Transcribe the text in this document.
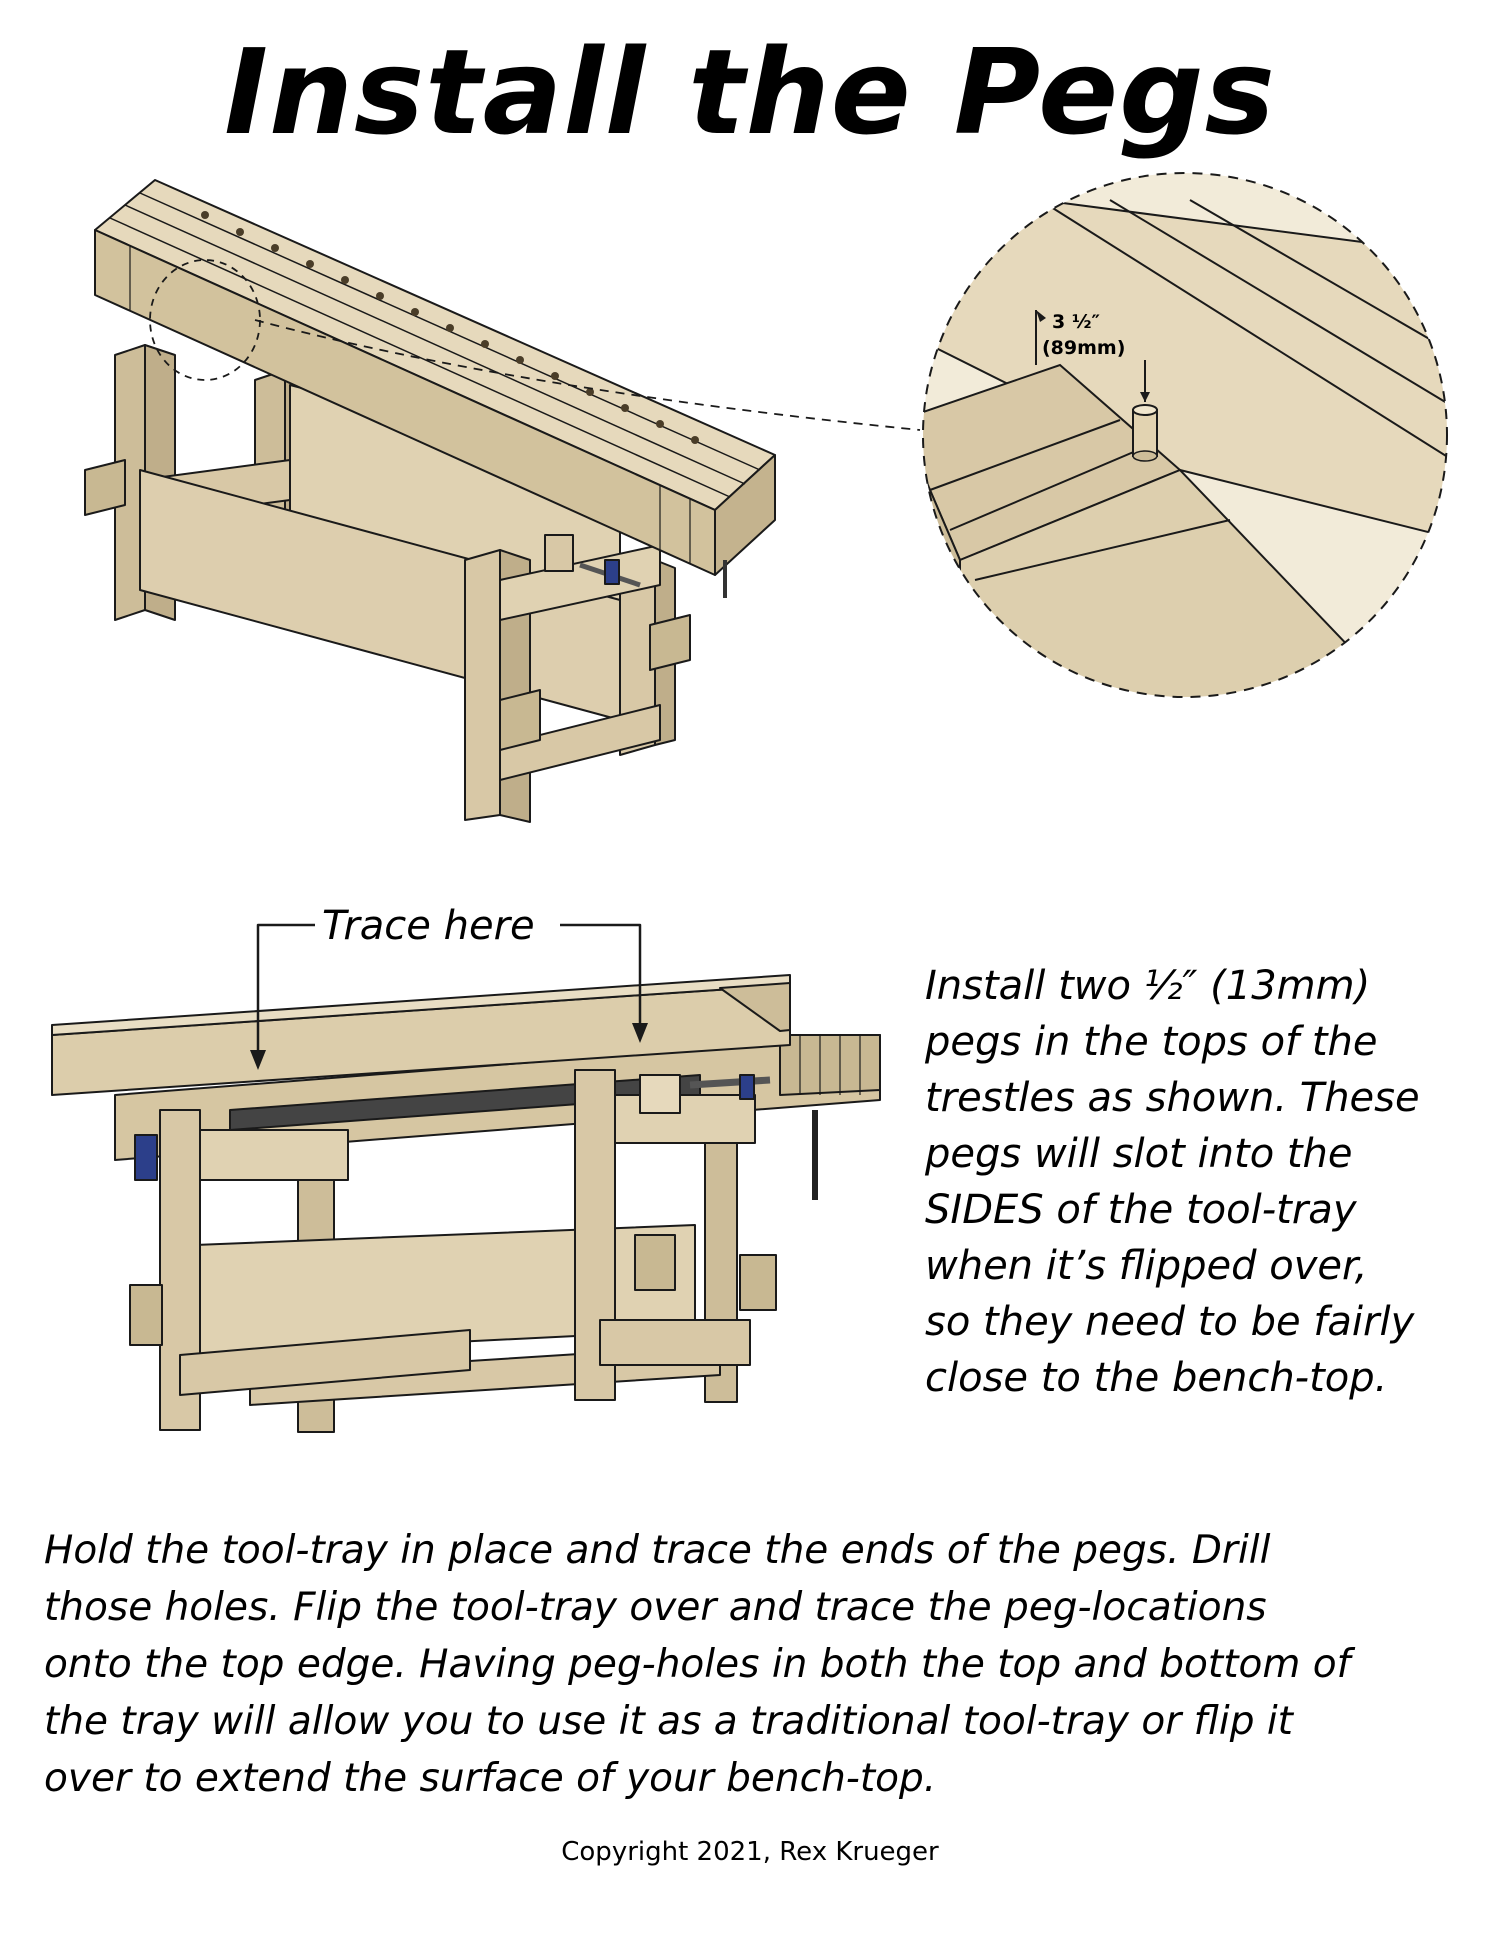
Install the Pegs
3 ½″
(89mm)
Trace here
Install two ½″ (13mm)
pegs in the tops of the
trestles as shown. These
pegs will slot into the
SIDES of the tool-tray
when it’s flipped over,
so they need to be fairly
close to the bench-top.
Hold the tool-tray in place and trace the ends of the pegs. Drill
those holes. Flip the tool-tray over and trace the peg-locations
onto the top edge. Having peg-holes in both the top and bottom of
the tray will allow you to use it as a traditional tool-tray or flip it
over to extend the surface of your bench-top.
Copyright 2021, Rex Krueger
